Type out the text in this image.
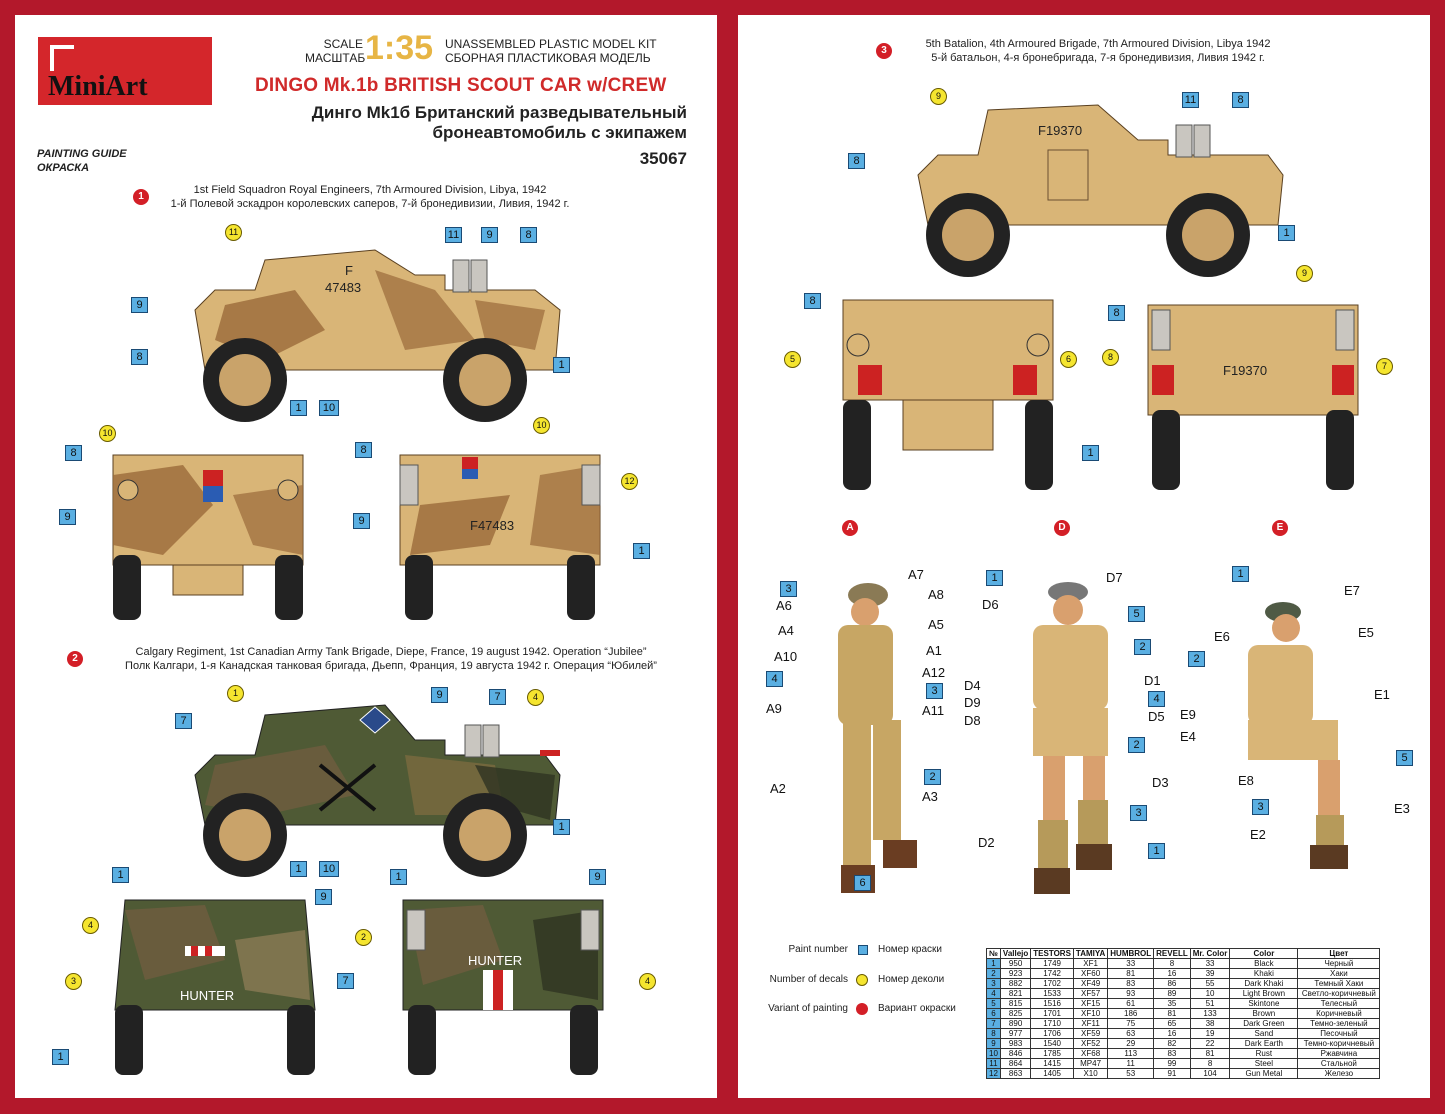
MiniArt
SCALE
МАСШТАБ 1:35 UNASSEMBLED PLASTIC MODEL KIT
СБОРНАЯ ПЛАСТИКОВАЯ МОДЕЛЬ
DINGO Mk.1b BRITISH SCOUT CAR w/CREW
Динго Mk1б Британский разведывательный
бронеавтомобиль с экипажем
35067
PAINTING GUIDE
ОКРАСКА
1
1st Field Squadron Royal Engineers, 7th Armoured Division, Libya, 1942
1-й Полевой эскадрон королевских саперов, 7-й бронедивизии, Ливия, 1942 г.
F
47483
11	11	9	8
9
8
1
1	10
10
8
9
F47483
10
8
12
9
1
2
Calgary Regiment, 1st Canadian Army Tank Brigade, Diepe, France, 19 august 1942. Operation “Jubilee”
Полк Калгари, 1-я Канадская танковая бригада, Дьепп, Франция, 19 августа 1942 г. Операция “Юбилей”
1	9	7	4
7
1
1	10
HUNTER
1
9
4
3	7
1
HUNTER
1	9
2
4
3
5th Batalion, 4th Armoured Brigade, 7th Armoured Division, Libya 1942
5-й батальон, 4-я бронебригада, 7-я бронедивизия, Ливия 1942 г.
F19370
9	11	8
8
1
8
5	6
1
F19370
9
8
8
7
A	D	E
3
A7
A8
A6
A4	A5
A1
A10
A12
4
3
A9	A11
2
A2
A3
6
1	D7
D6
5
2
D1
D4
4
D9
D5
D8
2
D3
3
D2
1
1
E7
E5
E6
2
E1
E9
E4
5
E8
3	E3
E2
Paint number	Номер краски
Number of decals	Номер деколи
Variant of painting	Вариант окраски
№	Vallejo	TESTORS	TAMIYA	HUMBROL	REVELL	Mr. Color	Color	Цвет
1	950	1749	XF1	33	8	33	Black	Черный
2	923	1742	XF60	81	16	39	Khaki	Хаки
3	882	1702	XF49	83	86	55	Dark Khaki	Темный Хаки
4	821	1533	XF57	93	89	10	Light Brown	Светло-коричневый
5	815	1516	XF15	61	35	51	Skintone	Телесный
6	825	1701	XF10	186	81	133	Brown	Коричневый
7	890	1710	XF11	75	65	38	Dark Green	Темно-зеленый
8	977	1706	XF59	63	16	19	Sand	Песочный
9	983	1540	XF52	29	82	22	Dark Earth	Темно-коричневый
10	846	1785	XF68	113	83	81	Rust	Ржавчина
11	864	1415	MP47	11	99	8	Steel	Стальной
12	863	1405	X10	53	91	104	Gun Metal	Железо
